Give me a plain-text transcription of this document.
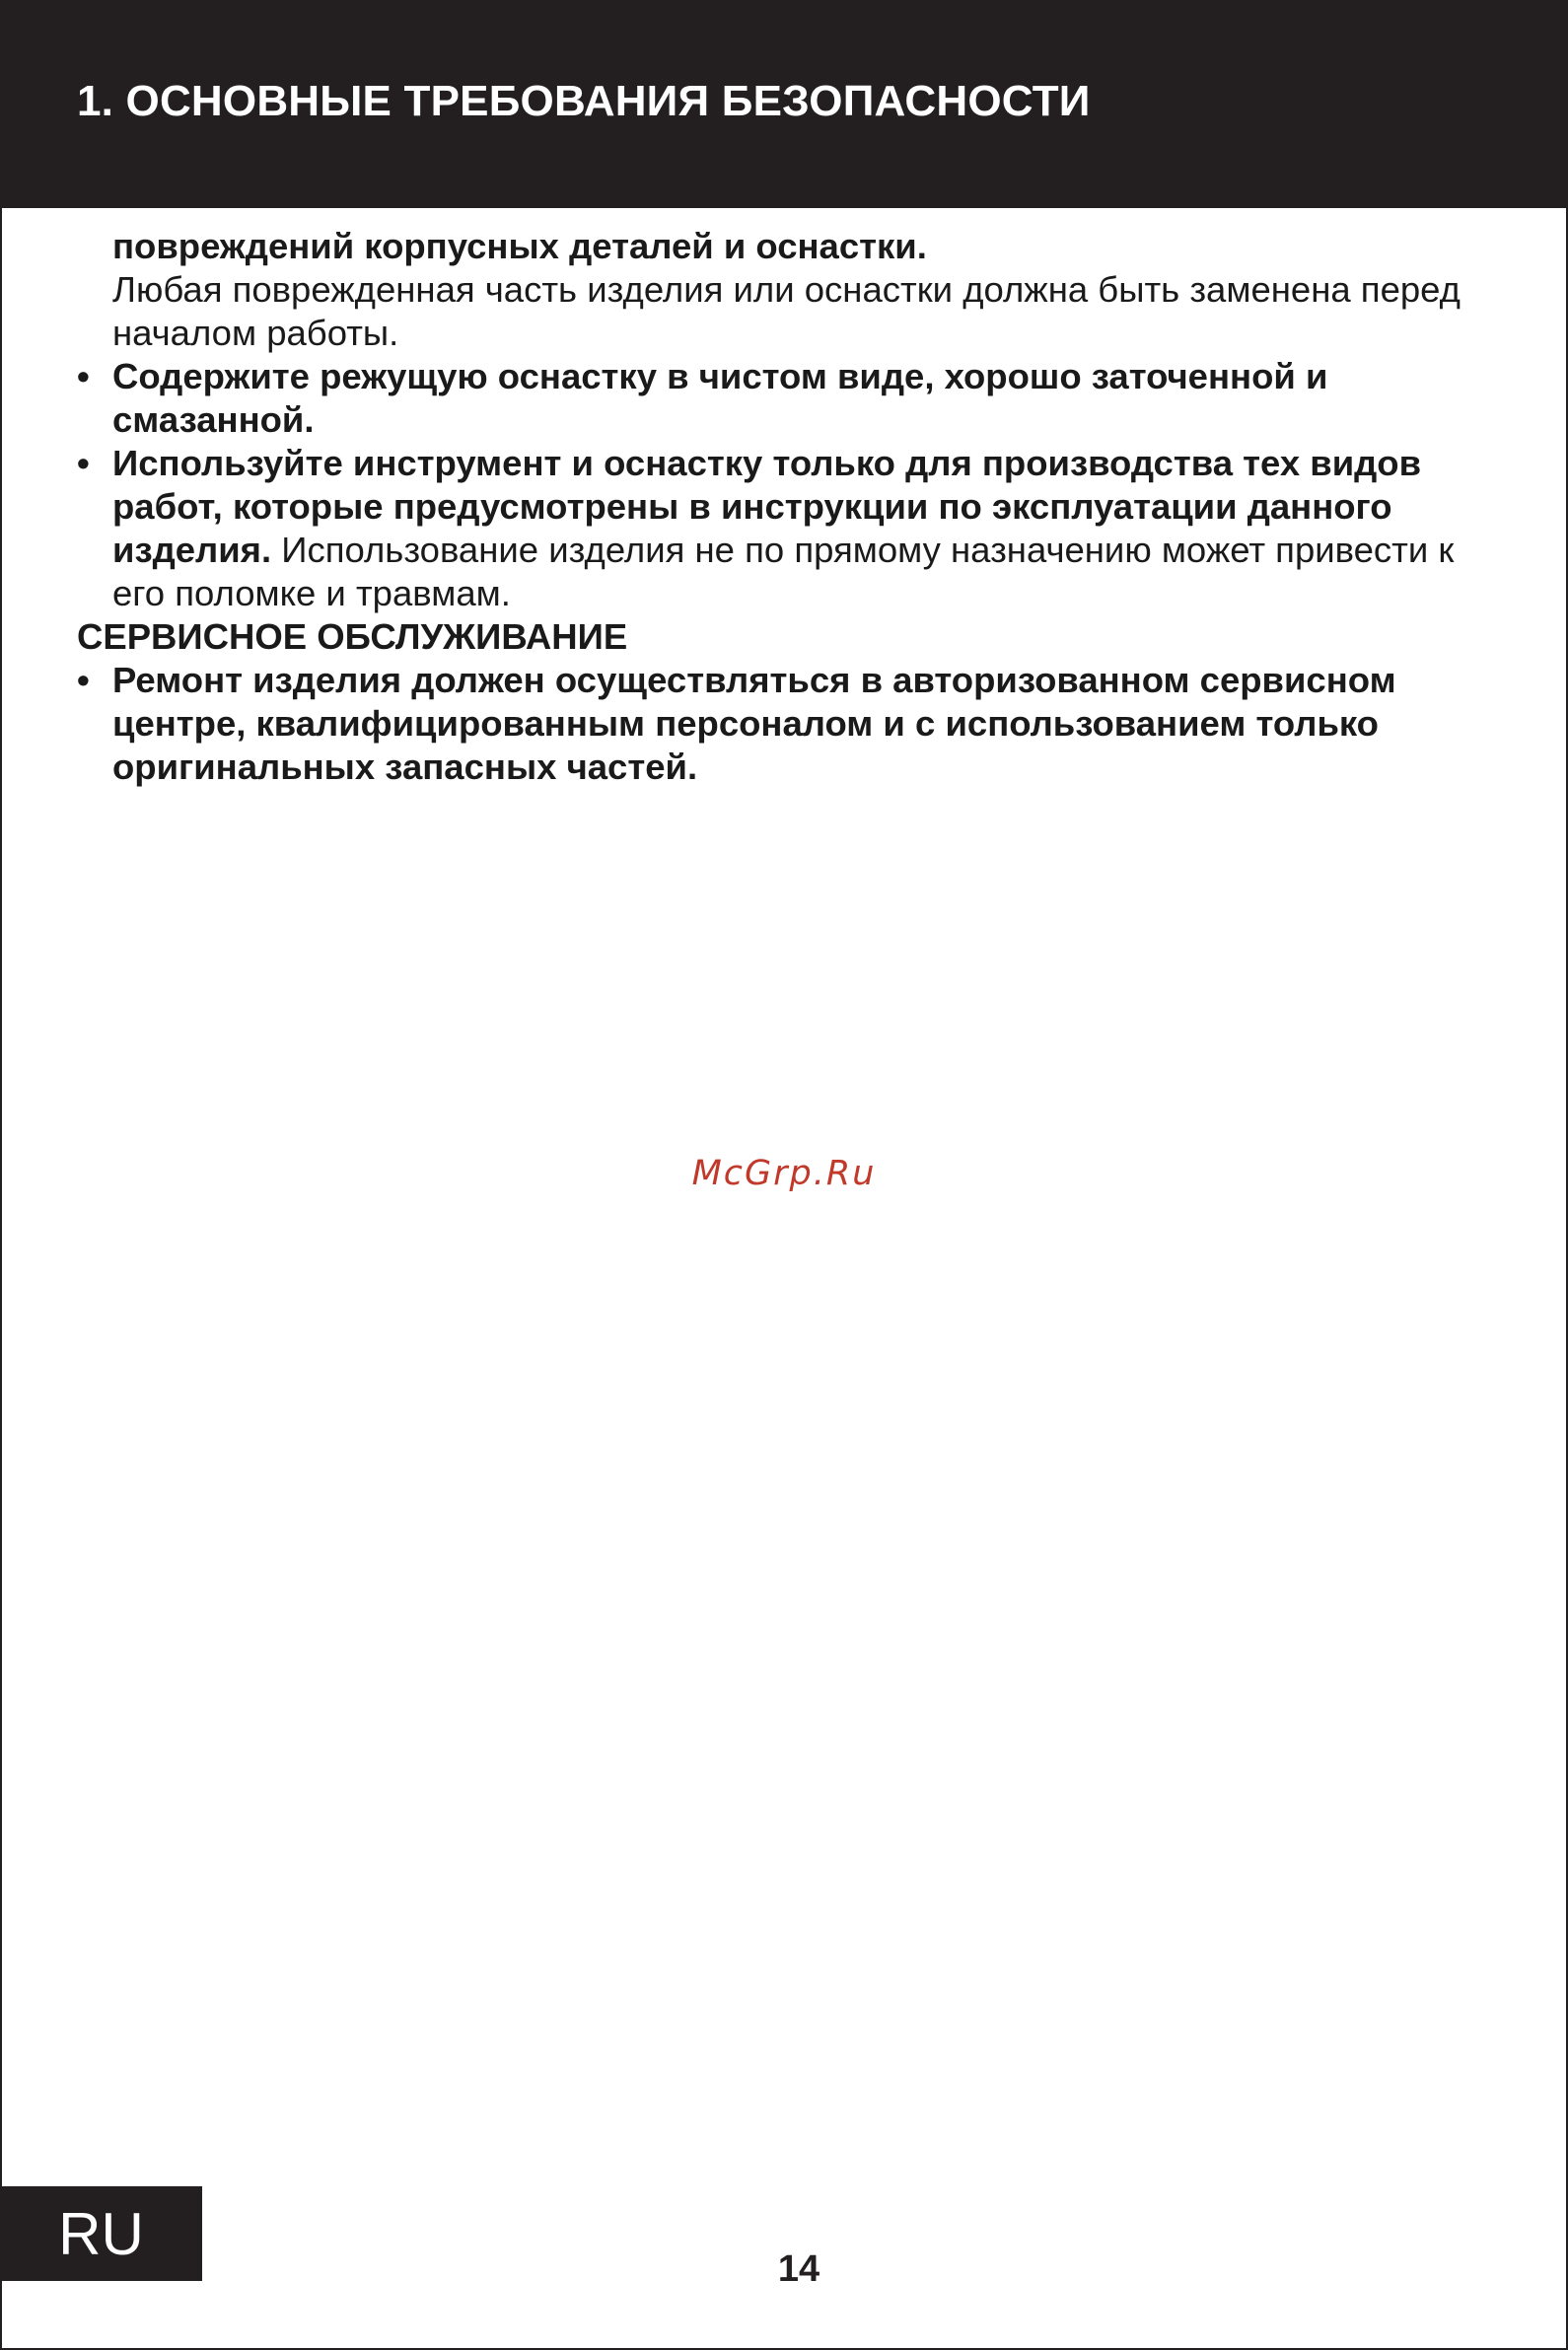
1. ОСНОВНЫЕ ТРЕБОВАНИЯ БЕЗОПАСНОСТИ
повреждений корпусных деталей и оснастки.
Любая поврежденная часть изделия или оснастки должна быть заменена перед началом работы.
• Содержите режущую оснастку в чистом виде, хорошо заточенной и смазанной.
• Используйте инструмент и оснастку только для производства тех видов работ, которые предусмотрены в инструкции по эксплуатации данного изделия. Использование изделия не по прямому назначению может привести к его поломке и травмам.
СЕРВИСНОЕ ОБСЛУЖИВАНИЕ
• Ремонт изделия должен осуществляться в авторизованном сервисном центре, квалифицированным персоналом и с использованием только оригинальных запасных частей.
McGrp.Ru
RU
14
